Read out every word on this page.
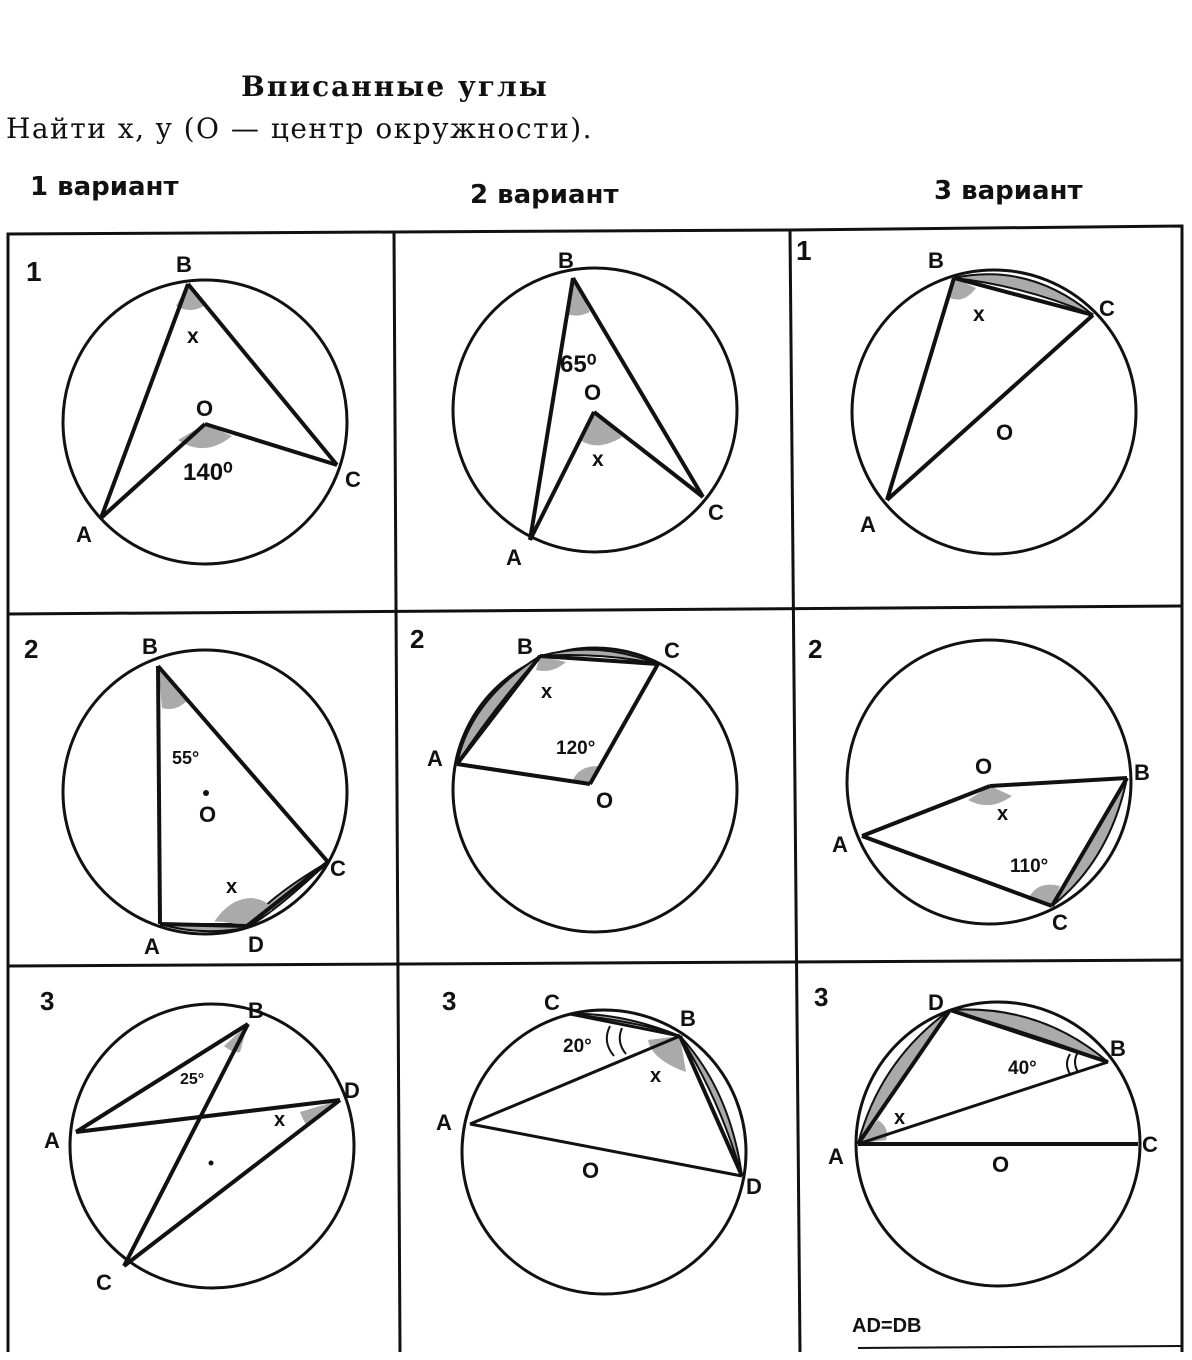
Вписанные углы
Найти x, y (O — центр окружности).
1 вариант	2 вариант	3 вариант
1	B
A
C
O
x
140⁰
B
A
C
O
x
65⁰
1	B
A
C
O
x
2	B
A
C
D
O
x
55°
2	B
A
C
O
x
120°
2
B
A
C
O
x
110°
3	B
A
C
D
x
25°
3	C
B
A
D
O
x
20°
3	D
B
A	C
O
x
40°
AD=DB
